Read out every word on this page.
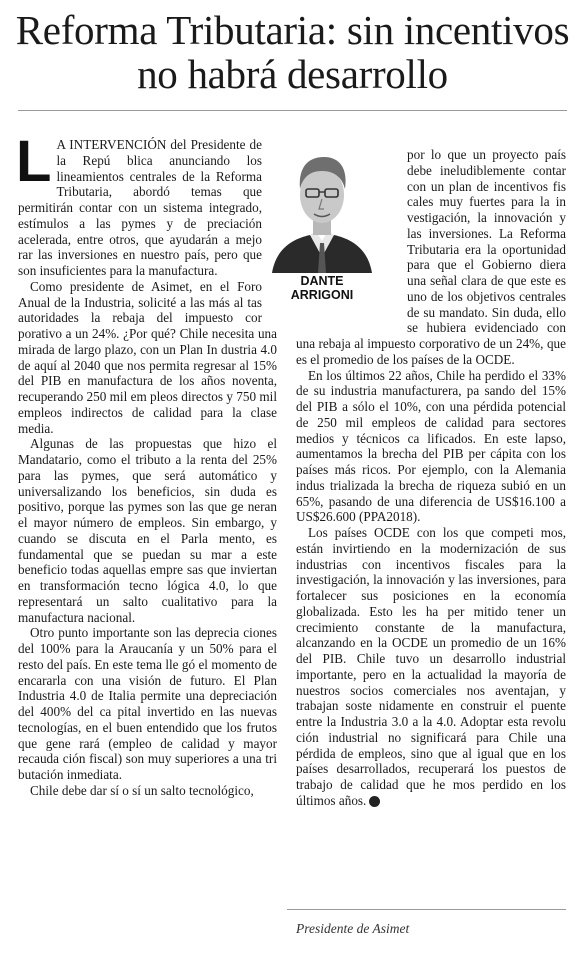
Reforma Tributaria: sin incentivos no habrá desarrollo
DANTE
ARRIGONI
L A INTERVENCIÓN del Presidente de la Repú blica anunciando los lineamientos centrales de la Reforma Tributaria, abordó temas que permitirán contar con un sistema integrado, estímulos a las pymes y de preciación acelerada, entre otros, que ayudarán a mejo rar las inversiones en nuestro país, pero que son insuficientes para la manufactura.

Como presidente de Asimet, en el Foro Anual de la Industria, solicité a las más al tas autoridades la rebaja del impuesto cor porativo a un 24%. ¿Por qué? Chile necesita una mirada de largo plazo, con un Plan In dustria 4.0 de aquí al 2040 que nos permita regresar al 15% del PIB en manufactura de los años noventa, recuperando 250 mil em pleos directos y 750 mil empleos indirectos de calidad para la clase media.

Algunas de las propuestas que hizo el Mandatario, como el tributo a la renta del 25% para las pymes, que será automático y universalizando los beneficios, sin duda es positivo, porque las pymes son las que ge neran el mayor número de empleos. Sin embargo, y cuando se discuta en el Parla mento, es fundamental que se puedan su mar a este beneficio todas aquellas empre sas que inviertan en transformación tecno lógica 4.0, lo que representará un salto cualitativo para la manufactura nacional.

Otro punto importante son las deprecia ciones del 100% para la Araucanía y un 50% para el resto del país. En este tema lle gó el momento de encararla con una visión de futuro. El Plan Industria 4.0 de Italia permite una depreciación del 400% del ca pital invertido en las nuevas tecnologías, en el buen entendido que los frutos que gene rará (empleo de calidad y mayor recauda ción fiscal) son muy superiores a una tri butación inmediata.

Chile debe dar sí o sí un salto tecnológico,

por lo que un proyecto país debe ineludiblemente contar con un plan de incentivos fis cales muy fuertes para la in vestigación, la innovación y las inversiones. La Reforma Tributaria era la oportunidad para que el Gobierno diera una señal clara de que este es uno de los objetivos centrales de su mandato. Sin duda, ello se hubiera evidenciado con una rebaja al impuesto corporativo de un 24%, que es el promedio de los países de la OCDE.

En los últimos 22 años, Chile ha perdido el 33% de su industria manufacturera, pa sando del 15% del PIB a sólo el 10%, con una pérdida potencial de 250 mil empleos de calidad para sectores medios y técnicos ca lificados. En este lapso, aumentamos la brecha del PIB per cápita con los países más ricos. Por ejemplo, con la Alemania indus trializada la brecha de riqueza subió en un 65%, pasando de una diferencia de US$16.100 a US$26.600 (PPA2018).

Los países OCDE con los que competi mos, están invirtiendo en la modernización de sus industrias con incentivos fiscales para la investigación, la innovación y las inversiones, para fortalecer sus posiciones en la economía globalizada. Esto les ha per mitido tener un crecimiento constante de la manufactura, alcanzando en la OCDE un promedio de un 16% del PIB. Chile tuvo un desarrollo industrial importante, pero en la actualidad la mayoría de nuestros socios comerciales nos aventajan, y trabajan soste nidamente en construir el puente entre la Industria 3.0 a la 4.0. Adoptar esta revolu ción industrial no significará para Chile una pérdida de empleos, sino que al igual que en los países desarrollados, recuperará los puestos de trabajo de calidad que he mos perdido en los últimos años. P

Presidente de Asimet
